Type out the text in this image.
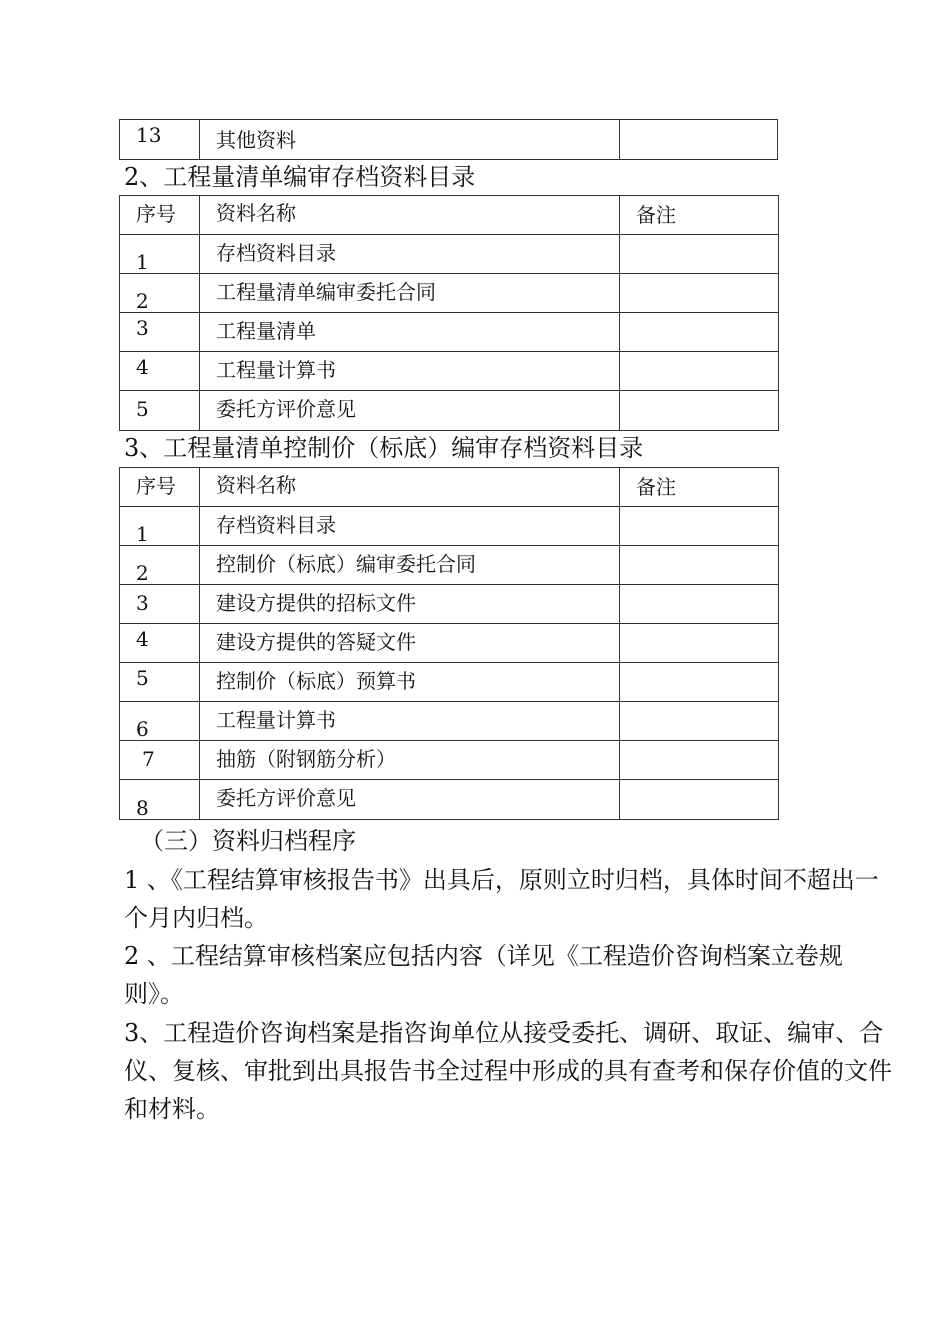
13	其他资料	
2、工程量清单编审存档资料目录
序号	资料名称	备注
1	存档资料目录	
2	工程量清单编审委托合同	
3	工程量清单	
4	工程量计算书	
5	委托方评价意见	
3、工程量清单控制价（标底）编审存档资料目录
序号	资料名称	备注
1	存档资料目录	
2	控制价（标底）编审委托合同	
3	建设方提供的招标文件	
4	建设方提供的答疑文件	
5	控制价（标底）预算书	
6	工程量计算书	
7	抽筋（附钢筋分析）	
8	委托方评价意见	
（三）资料归档程序

1 、《工程结算审核报告书》出具后，原则立时归档，具体时间不超出一个月内归档。

2 、工程结算审核档案应包括内容（详见《工程造价咨询档案立卷规则》。

3、工程造价咨询档案是指咨询单位从接受委托、调研、取证、编审、合仪、复核、审批到出具报告书全过程中形成的具有查考和保存价值的文件和材料。
